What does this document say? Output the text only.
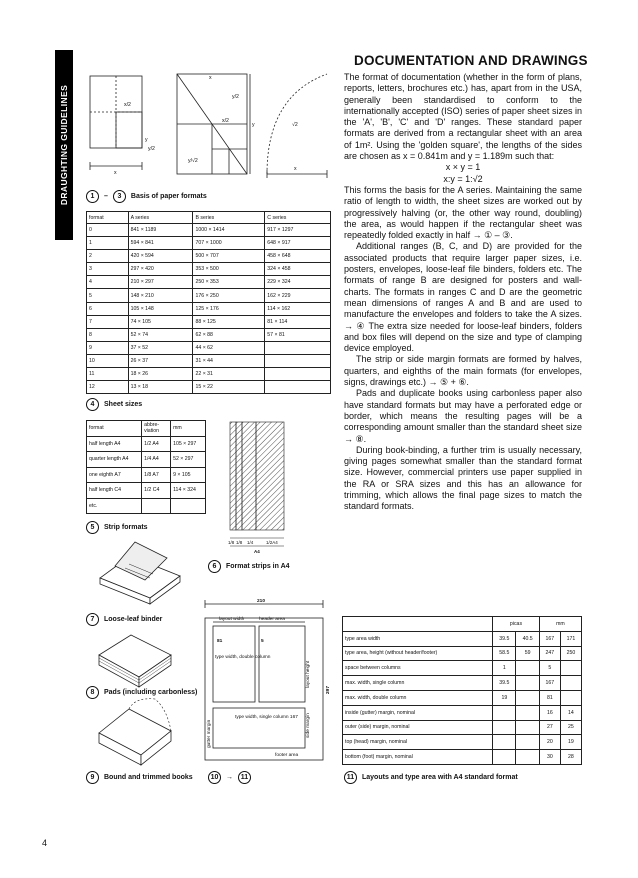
DRAUGHTING GUIDELINES
DOCUMENTATION AND DRAWINGS

The format of documentation (whether in the form of plans, reports, letters, brochures etc.) has, apart from in the USA, generally been standardised to conform to the internationally accepted (ISO) series of paper sheet sizes in the 'A', 'B', 'C' and 'D' ranges. These standard paper formats are derived from a rectangular sheet with an area of 1m². Using the 'golden square', the lengths of the sides are chosen as x = 0.841m and y = 1.189m such that:

x × y = 1

x:y = 1:√2

This forms the basis for the A series. Maintaining the same ratio of length to width, the sheet sizes are worked out by progressively halving (or, the other way round, doubling) the area, as would happen if the rectangular sheet was repeatedly folded exactly in half → ① – ③.

Additional ranges (B, C, and D) are provided for the associated products that require larger paper sizes, i.e. posters, envelopes, loose-leaf file binders, folders etc. The formats of range B are designed for posters and wall-charts. The formats in ranges C and D are the geometric mean dimensions of ranges A and B and are used to manufacture the envelopes and folders to take the A sizes. → ④ The extra size needed for loose-leaf binders, folders and box files will depend on the size and type of clamping device employed.

The strip or side margin formats are formed by halves, quarters, and eighths of the main formats (for envelopes, signs, drawings etc.) → ⑤ + ⑥.

Pads and duplicate books using carbonless paper also have standard formats but may have a perforated edge or border, which means the resulting pages will be a corresponding amount smaller than the standard sheet size → ⑧.

During book-binding, a further trim is usually necessary, giving pages somewhat smaller than the standard format size. However, commercial printers use paper supplied in the RA or SRA sizes and this has an allowance for trimming, which allows the final page sizes to match the standard formats.

x/2
y
y/2
x
y/2
x/2
x
y
x
√2
y/√2
1	–	3	Basis of paper formats
format	A series	B series	C series
0	841 × 1189	1000 × 1414	917 × 1297
1	594 × 841	707 × 1000	648 × 917
2	420 × 594	500 × 707	458 × 648
3	297 × 420	353 × 500	324 × 458
4	210 × 297	250 × 353	229 × 324
5	148 × 210	176 × 250	162 × 229
6	105 × 148	125 × 176	114 × 162
7	74 × 105	88 × 125	81 × 114
8	52 × 74	62 × 88	57 × 81
9	37 × 52	44 × 62	
10	26 × 37	31 × 44	
11	18 × 26	22 × 31	
12	13 × 18	15 × 22	
4	Sheet sizes
format	abbre-viation	mm
half length A4	1/2 A4	105 × 297
quarter length A4	1/4 A4	52 × 297
one eighth A7	1/8 A7	9 × 105
half length C4	1/2 C4	114 × 324
etc.		
1/8 1/8 1/4	1/2A4
A4
6	Format strips in A4
5	Strip formats
7	Loose-leaf binder
8	Pads (including carbonless)
9	Bound and trimmed books
210
layout width	header area
81	5
type width, double column
layout height
297
gutter margin
type width, single column 167 side margin
footer area
10	→	11
	picas		mm	
type area width	39.5	40.5	167	171
type area, height (without header/footer)	58.5	59	247	250
space between columns	1		5	
max. width, single column	39.5		167	
max. width, double column	19		81	
inside (gutter) margin, nominal			16	14
outer (side) margin, nominal			27	25
top (head) margin, nominal			20	19
bottom (foot) margin, nominal			30	28
11	Layouts and type area with A4 standard format
4
